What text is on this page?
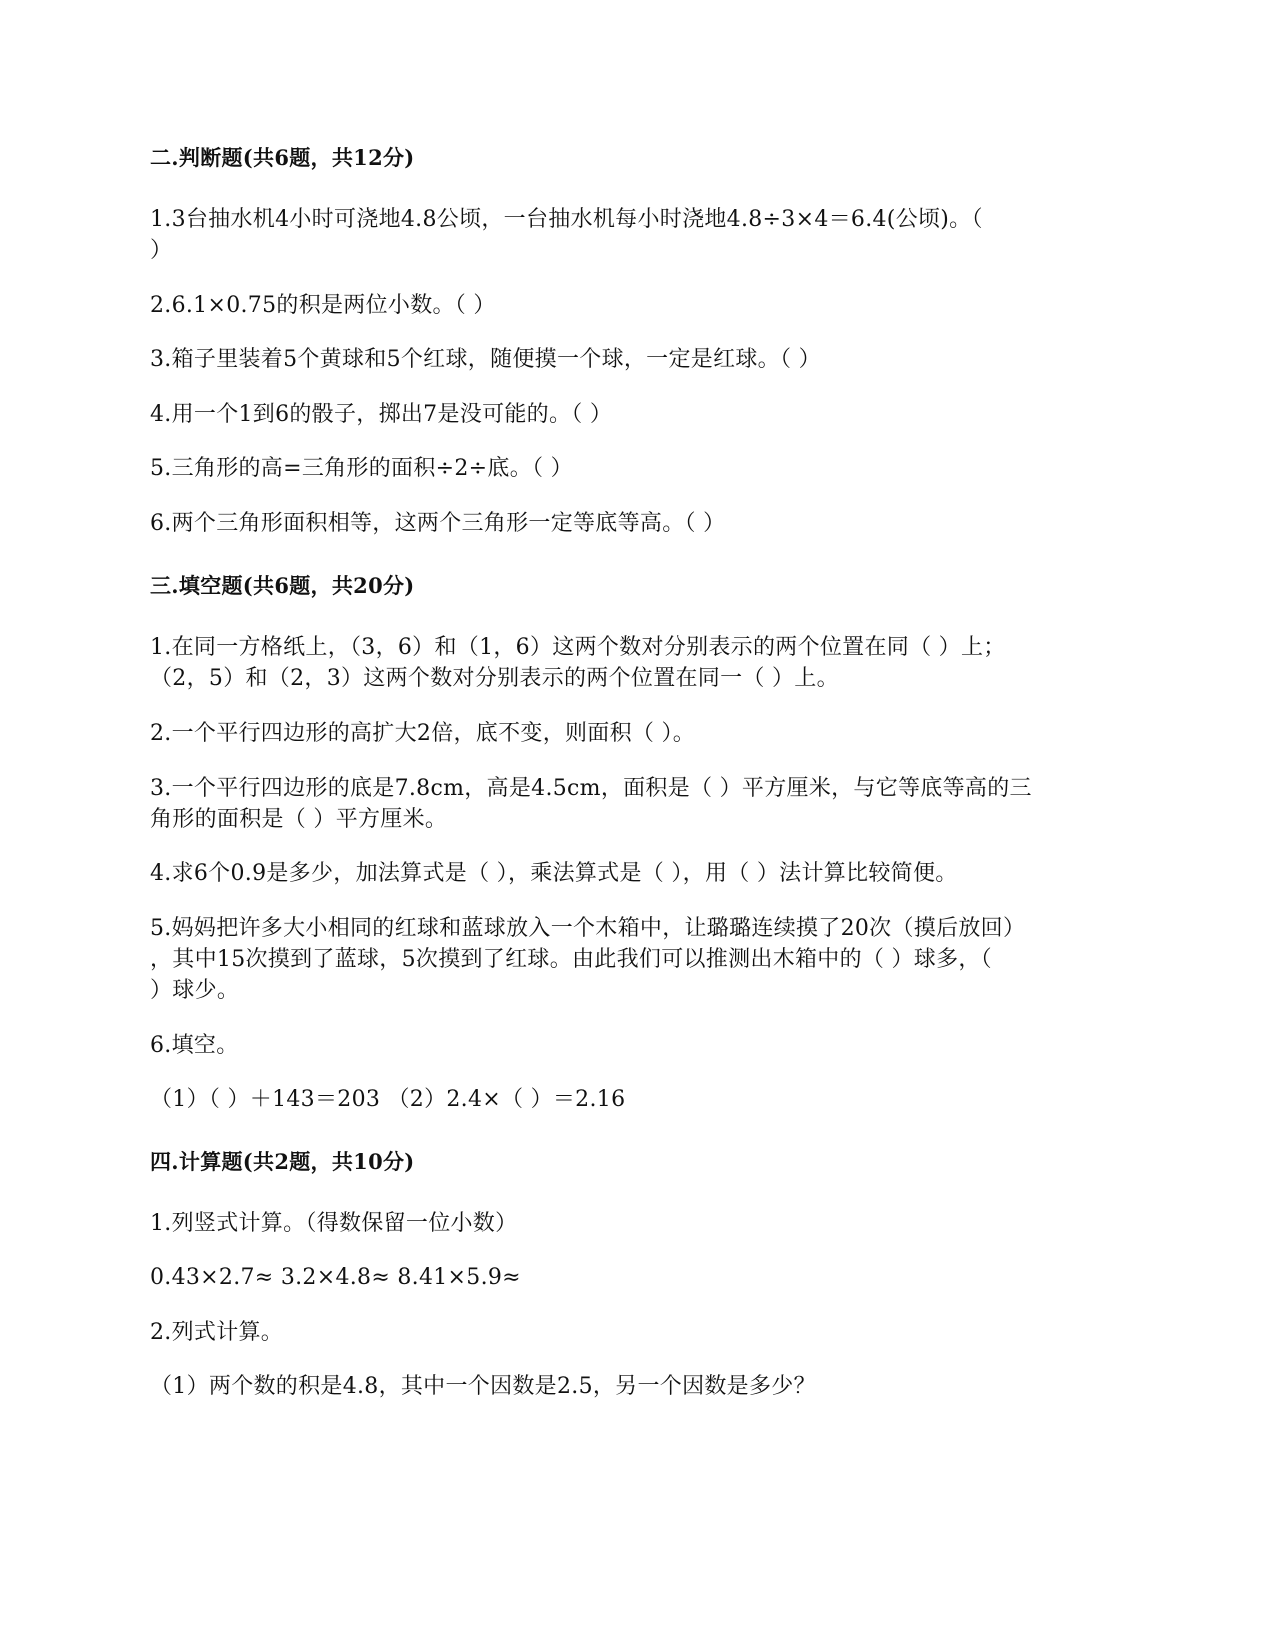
二.判断题(共6题，共12分)
1.3台抽水机4小时可浇地4.8公顷，一台抽水机每小时浇地4.8÷3×4＝6.4(公顷)。（
）
2.6.1×0.75的积是两位小数。（ ）
3.箱子里装着5个黄球和5个红球，随便摸一个球，一定是红球。（ ）
4.用一个1到6的骰子，掷出7是没可能的。（ ）
5.三角形的高=三角形的面积÷2÷底。（ ）
6.两个三角形面积相等，这两个三角形一定等底等高。（ ）
三.填空题(共6题，共20分)
1.在同一方格纸上，（3，6）和（1，6）这两个数对分别表示的两个位置在同（ ）上；
（2，5）和（2，3）这两个数对分别表示的两个位置在同一（ ）上。
2.一个平行四边形的高扩大2倍，底不变，则面积（ ）。
3.一个平行四边形的底是7.8cm，高是4.5cm，面积是（ ）平方厘米，与它等底等高的三
角形的面积是（ ）平方厘米。
4.求6个0.9是多少，加法算式是（ ），乘法算式是（ ），用（ ）法计算比较简便。
5.妈妈把许多大小相同的红球和蓝球放入一个木箱中，让璐璐连续摸了20次（摸后放回）
，其中15次摸到了蓝球，5次摸到了红球。由此我们可以推测出木箱中的（ ）球多，（
）球少。
6.填空。
（1）（ ）＋143＝203 （2）2.4×（ ）＝2.16
四.计算题(共2题，共10分)
1.列竖式计算。（得数保留一位小数）
0.43×2.7≈ 3.2×4.8≈ 8.41×5.9≈
2.列式计算。
（1）两个数的积是4.8，其中一个因数是2.5，另一个因数是多少？
